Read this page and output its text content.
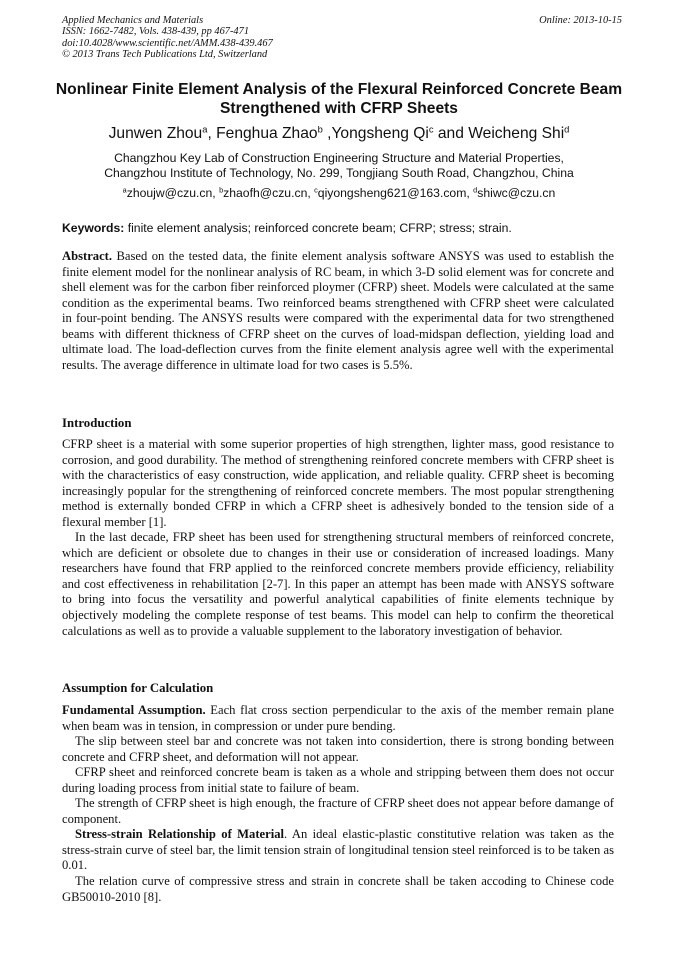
Applied Mechanics and Materials
ISSN: 1662-7482, Vols. 438-439, pp 467-471
doi:10.4028/www.scientific.net/AMM.438-439.467
© 2013 Trans Tech Publications Ltd, Switzerland
Online: 2013-10-15
Nonlinear Finite Element Analysis of the Flexural Reinforced Concrete Beam Strengthened with CFRP Sheets
Junwen Zhou$^a$, Fenghua Zhao$^b$ ,Yongsheng Qi$^c$ and Weicheng Shi$^d$
Changzhou Key Lab of Construction Engineering Structure and Material Properties,
Changzhou Institute of Technology, No. 299, Tongjiang South Road, Changzhou, China
$^a$zhoujw@czu.cn, $^b$zhaofh@czu.cn, $^c$qiyongsheng621@163.com, $^d$shiwc@czu.cn
Keywords: finite element analysis; reinforced concrete beam; CFRP; stress; strain.

Abstract. Based on the tested data, the finite element analysis software ANSYS was used to establish the finite element model for the nonlinear analysis of RC beam, in which 3-D solid element was for concrete and shell element was for the carbon fiber reinforced ploymer (CFRP) sheet. Models were calculated at the same condition as the experimental beams. Two reinforced beams strengthened with CFRP sheet were calculated in four-point bending. The ANSYS results were compared with the experimental data for two strengthened beams with different thickness of CFRP sheet on the curves of load-midspan deflection, yielding load and ultimate load. The load-deflection curves from the finite element analysis agree well with the experimental results. The average difference in ultimate load for two cases is 5.5%.

Introduction

CFRP sheet is a material with some superior properties of high strengthen, lighter mass, good resistance to corrosion, and good durability. The method of strengthening reinfored concrete members with CFRP sheet is with the characteristics of easy construction, wide application, and reliable quality. CFRP sheet is becoming increasingly popular for the strengthening of reinforced concrete members. The most popular strengthening method is externally bonded CFRP in which a CFRP sheet is adhesively bonded to the tension side of a flexural member [1].

In the last decade, FRP sheet has been used for strengthening structural members of reinforced concrete, which are deficient or obsolete due to changes in their use or consideration of increased loadings. Many researchers have found that FRP applied to the reinforced concrete members provide efficiency, reliability and cost effectiveness in rehabilitation [2-7]. In this paper an attempt has been made with ANSYS software to bring into focus the versatility and powerful analytical capabilities of finite elements technique by objectively modeling the complete response of test beams. This model can help to confirm the theoretical calculations as well as to provide a valuable supplement to the laboratory investigation of behavior.

Assumption for Calculation

Fundamental Assumption. Each flat cross section perpendicular to the axis of the member remain plane when beam was in tension, in compression or under pure bending.

The slip between steel bar and concrete was not taken into considertion, there is strong bonding between concrete and CFRP sheet, and deformation will not appear.

CFRP sheet and reinforced concrete beam is taken as a whole and stripping between them does not occur during loading process from initial state to failure of beam.

The strength of CFRP sheet is high enough, the fracture of CFRP sheet does not appear before damange of component.

Stress-strain Relationship of Material. An ideal elastic-plastic constitutive relation was taken as the stress-strain curve of steel bar, the limit tension strain of longitudinal tension steel reinforced is to be taken as 0.01.

The relation curve of compressive stress and strain in concrete shall be taken accoding to Chinese code GB50010-2010 [8].
